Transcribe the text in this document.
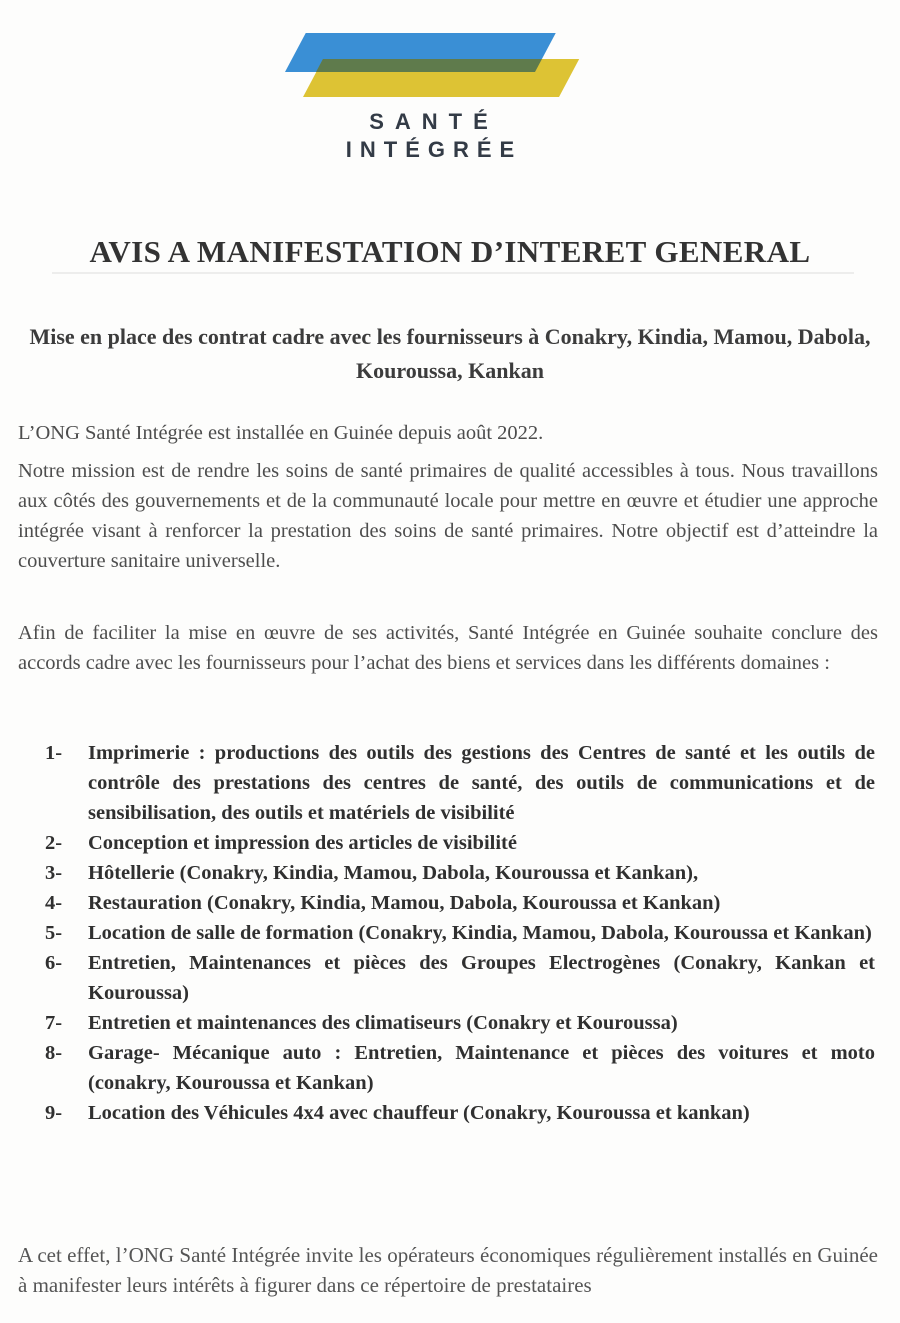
SANTÉ
INTÉGRÉE
AVIS A MANIFESTATION D’INTERET GENERAL
Mise en place des contrat cadre avec les fournisseurs à Conakry, Kindia, Mamou, Dabola, Kouroussa, Kankan
L’ONG Santé Intégrée est installée en Guinée depuis août 2022.
Notre mission est de rendre les soins de santé primaires de qualité accessibles à tous. Nous travaillons aux côtés des gouvernements et de la communauté locale pour mettre en œuvre et étudier une approche intégrée visant à renforcer la prestation des soins de santé primaires. Notre objectif est d’atteindre la couverture sanitaire universelle.
Afin de faciliter la mise en œuvre de ses activités, Santé Intégrée en Guinée souhaite conclure des accords cadre avec les fournisseurs pour l’achat des biens et services dans les différents domaines :
1-	Imprimerie : productions des outils des gestions des Centres de santé et les outils de contrôle des prestations des centres de santé, des outils de communications et de sensibilisation, des outils et matériels de visibilité
2-	Conception et impression des articles de visibilité
3-	Hôtellerie (Conakry, Kindia, Mamou, Dabola, Kouroussa et Kankan),
4-	Restauration (Conakry, Kindia, Mamou, Dabola, Kouroussa et Kankan)
5-	Location de salle de formation (Conakry, Kindia, Mamou, Dabola, Kouroussa et Kankan)
6-	Entretien, Maintenances et pièces des Groupes Electrogènes (Conakry, Kankan et Kouroussa)
7-	Entretien et maintenances des climatiseurs (Conakry et Kouroussa)
8-	Garage- Mécanique auto : Entretien, Maintenance et pièces des voitures et moto (conakry, Kouroussa et Kankan)
9-	Location des Véhicules 4x4 avec chauffeur (Conakry, Kouroussa et kankan)
A cet effet, l’ONG Santé Intégrée invite les opérateurs économiques régulièrement installés en Guinée à manifester leurs intérêts à figurer dans ce répertoire de prestataires
